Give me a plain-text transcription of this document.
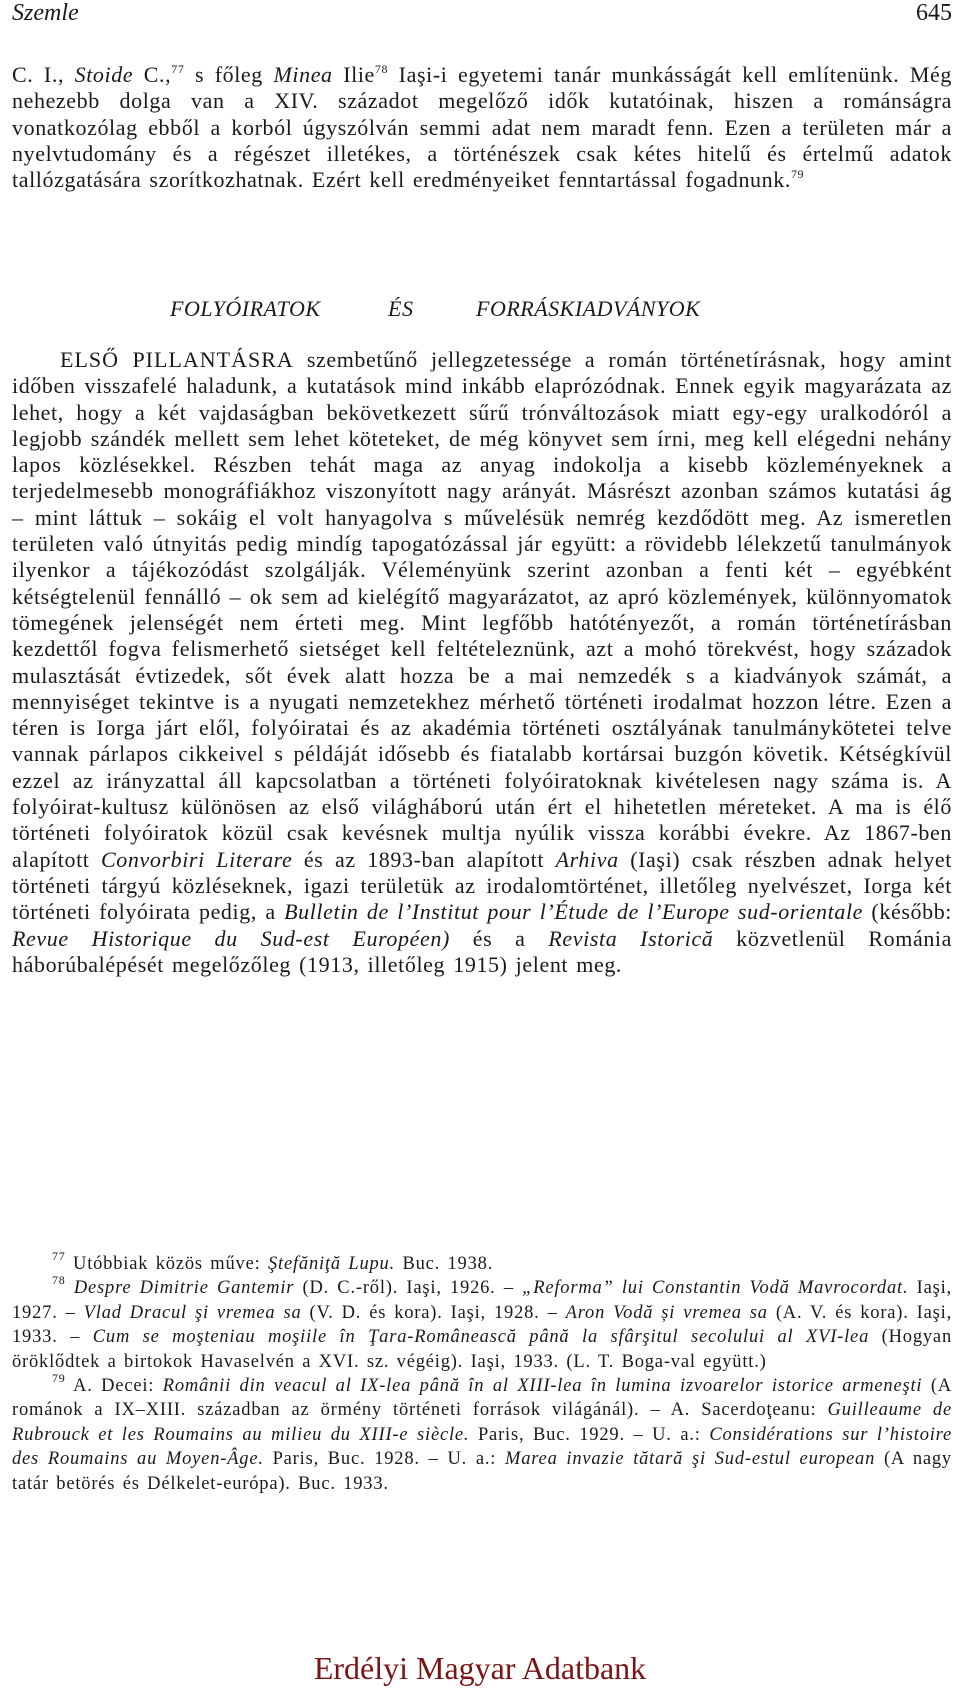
Szemle	645

C. I., Stoide C.,$^{77}$ s főleg Minea Ilie$^{78}$ Iaşi-i egyetemi tanár munkásságát kell említenünk. Még nehezebb dolga van a XIV. századot megelőző idők kutatóinak, hiszen a románságra vonatkozólag ebből a korból úgyszólván semmi adat nem maradt fenn. Ezen a területen már a nyelvtudomány és a régészet illetékes, a történészek csak kétes hitelű és értelmű adatok tallózgatására szorítkozhatnak. Ezért kell eredményeiket fenntartással fogadnunk.$^{79}$

FOLYÓIRATOK	ÉS	FORRÁSKIADVÁNYOK

ELSŐ PILLANTÁSRA szembetűnő jellegzetessége a román történetírásnak, hogy amint időben visszafelé haladunk, a kutatások mind inkább elaprózódnak. Ennek egyik magyarázata az lehet, hogy a két vajdaságban bekövetkezett sűrű trónváltozások miatt egy-egy uralkodóról a legjobb szándék mellett sem lehet köteteket, de még könyvet sem írni, meg kell elégedni nehány lapos közlésekkel. Részben tehát maga az anyag indokolja a kisebb közleményeknek a terjedelmesebb monográfiákhoz viszonyított nagy arányát. Másrészt azonban számos kutatási ág – mint láttuk – sokáig el volt hanyagolva s művelésük nemrég kezdődött meg. Az ismeretlen területen való útnyitás pedig mindíg tapogatózással jár együtt: a rövidebb lélekzetű tanulmányok ilyenkor a tájékozódást szolgálják. Véleményünk szerint azonban a fenti két – egyébként kétségtelenül fennálló – ok sem ad kielégítő magyarázatot, az apró közlemények, különnyomatok tömegének jelenségét nem érteti meg. Mint legfőbb hatótényezőt, a román történetírásban kezdettől fogva felismerhető sietséget kell feltételeznünk, azt a mohó törekvést, hogy századok mulasztását évtizedek, sőt évek alatt hozza be a mai nemzedék s a kiadványok számát, a mennyiséget tekintve is a nyugati nemzetekhez mérhető történeti irodalmat hozzon létre. Ezen a téren is Iorga járt elől, folyóiratai és az akadémia történeti osztályának tanulmánykötetei telve vannak párlapos cikkeivel s példáját idősebb és fiatalabb kortársai buzgón követik. Kétségkívül ezzel az irányzattal áll kapcsolatban a történeti folyóiratoknak kivételesen nagy száma is. A folyóirat-kultusz különösen az első világháború után ért el hihetetlen méreteket. A ma is élő történeti folyóiratok közül csak kevésnek multja nyúlik vissza korábbi évekre. Az 1867-ben alapított Convorbiri Literare és az 1893-ban alapított Arhiva (Iaşi) csak részben adnak helyet történeti tárgyú közléseknek, igazi területük az irodalomtörténet, illetőleg nyelvészet, Iorga két történeti folyóirata pedig, a Bulletin de l’Institut pour l’Étude de l’Europe sud-orientale (később: Revue Historique du Sud-est Européen) és a Revista Istorică közvetlenül Románia háborúbalépését megelőzőleg (1913, illetőleg 1915) jelent meg.

$^{77}$ Utóbbiak közös műve: Ştefăniţă Lupu. Buc. 1938.

$^{78}$ Despre Dimitrie Gantemir (D. C.-ről). Iaşi, 1926. – „Reforma” lui Constantin Vodă Mavrocordat. Iaşi, 1927. – Vlad Dracul şi vremea sa (V. D. és kora). Iaşi, 1928. – Aron Vodă și vremea sa (A. V. és kora). Iaşi, 1933. – Cum se moşteniau moşiile în Ţara-Românească până la sfârşitul secolului al XVI-lea (Hogyan öröklődtek a birtokok Havaselvén a XVI. sz. végéig). Iaşi, 1933. (L. T. Boga-val együtt.)

$^{79}$ A. Decei: Românii din veacul al IX-lea până în al XIII-lea în lumina izvoarelor istorice armeneşti (A románok a IX–XIII. században az örmény történeti források világánál). – A. Sacerdoţeanu: Guilleaume de Rubrouck et les Roumains au milieu du XIII-e siècle. Paris, Buc. 1929. – U. a.: Considérations sur l’histoire des Roumains au Moyen-Âge. Paris, Buc. 1928. – U. a.: Marea invazie tătară şi Sud-estul european (A nagy tatár betörés és Délkelet-európa). Buc. 1933.

Erdélyi Magyar Adatbank
